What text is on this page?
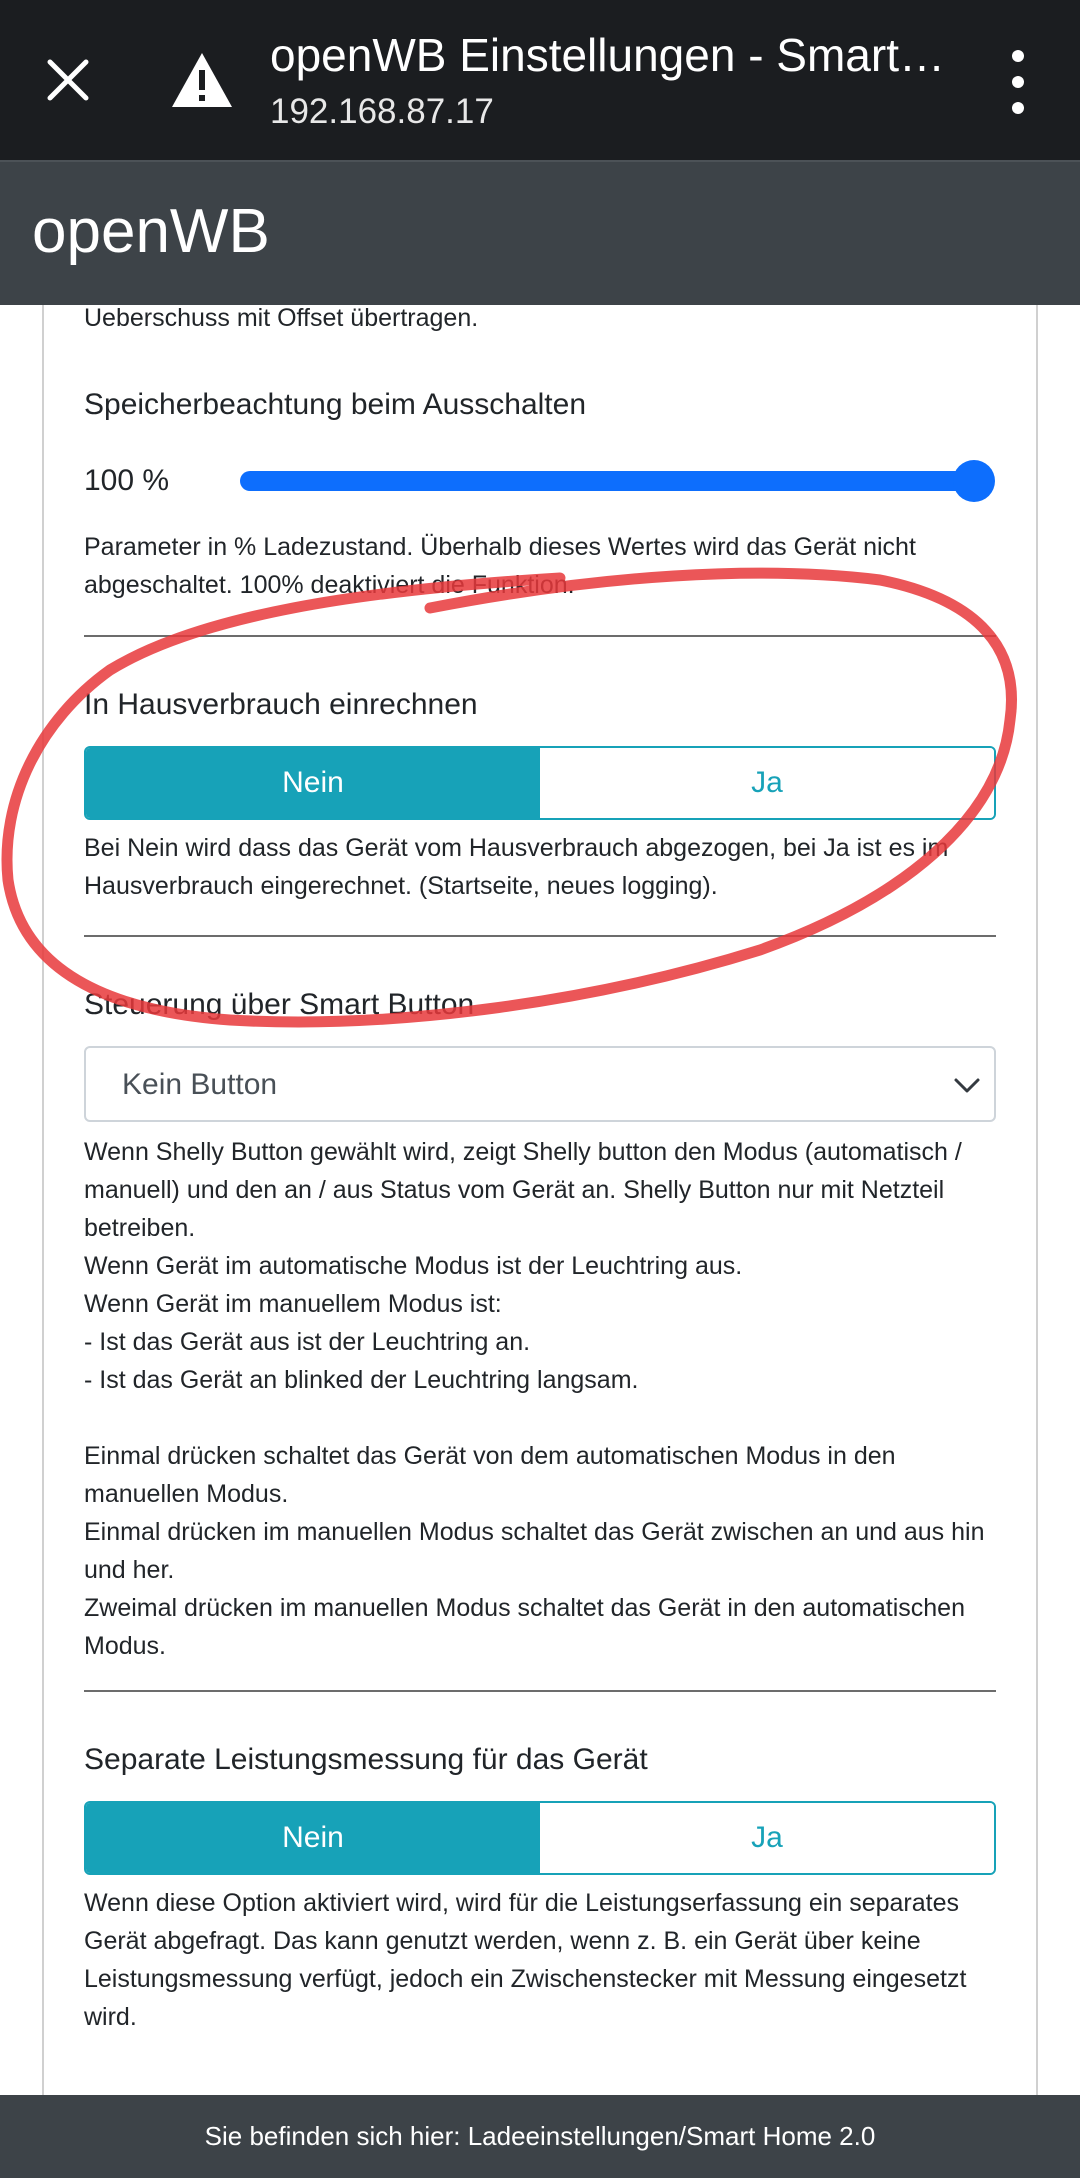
openWB Einstellungen - Smart…
192.168.87.17
openWB
Ueberschuss mit Offset übertragen.
Speicherbeachtung beim Ausschalten
100 %
Parameter in % Ladezustand. Überhalb dieses Wertes wird das Gerät nicht
abgeschaltet. 100% deaktiviert die Funktion.
In Hausverbrauch einrechnen
Nein	Ja
Bei Nein wird dass das Gerät vom Hausverbrauch abgezogen, bei Ja ist es im
Hausverbrauch eingerechnet. (Startseite, neues logging).
Steuerung über Smart Button
Kein Button
Wenn Shelly Button gewählt wird, zeigt Shelly button den Modus (automatisch /
manuell) und den an / aus Status vom Gerät an. Shelly Button nur mit Netzteil
betreiben.
Wenn Gerät im automatische Modus ist der Leuchtring aus.
Wenn Gerät im manuellem Modus ist:
- Ist das Gerät aus ist der Leuchtring an.
- Ist das Gerät an blinked der Leuchtring langsam.
Einmal drücken schaltet das Gerät von dem automatischen Modus in den
manuellen Modus.
Einmal drücken im manuellen Modus schaltet das Gerät zwischen an und aus hin
und her.
Zweimal drücken im manuellen Modus schaltet das Gerät in den automatischen
Modus.
Separate Leistungsmessung für das Gerät
Nein	Ja
Wenn diese Option aktiviert wird, wird für die Leistungserfassung ein separates
Gerät abgefragt. Das kann genutzt werden, wenn z. B. ein Gerät über keine
Leistungsmessung verfügt, jedoch ein Zwischenstecker mit Messung eingesetzt
wird.
Sie befinden sich hier: Ladeeinstellungen/Smart Home 2.0
